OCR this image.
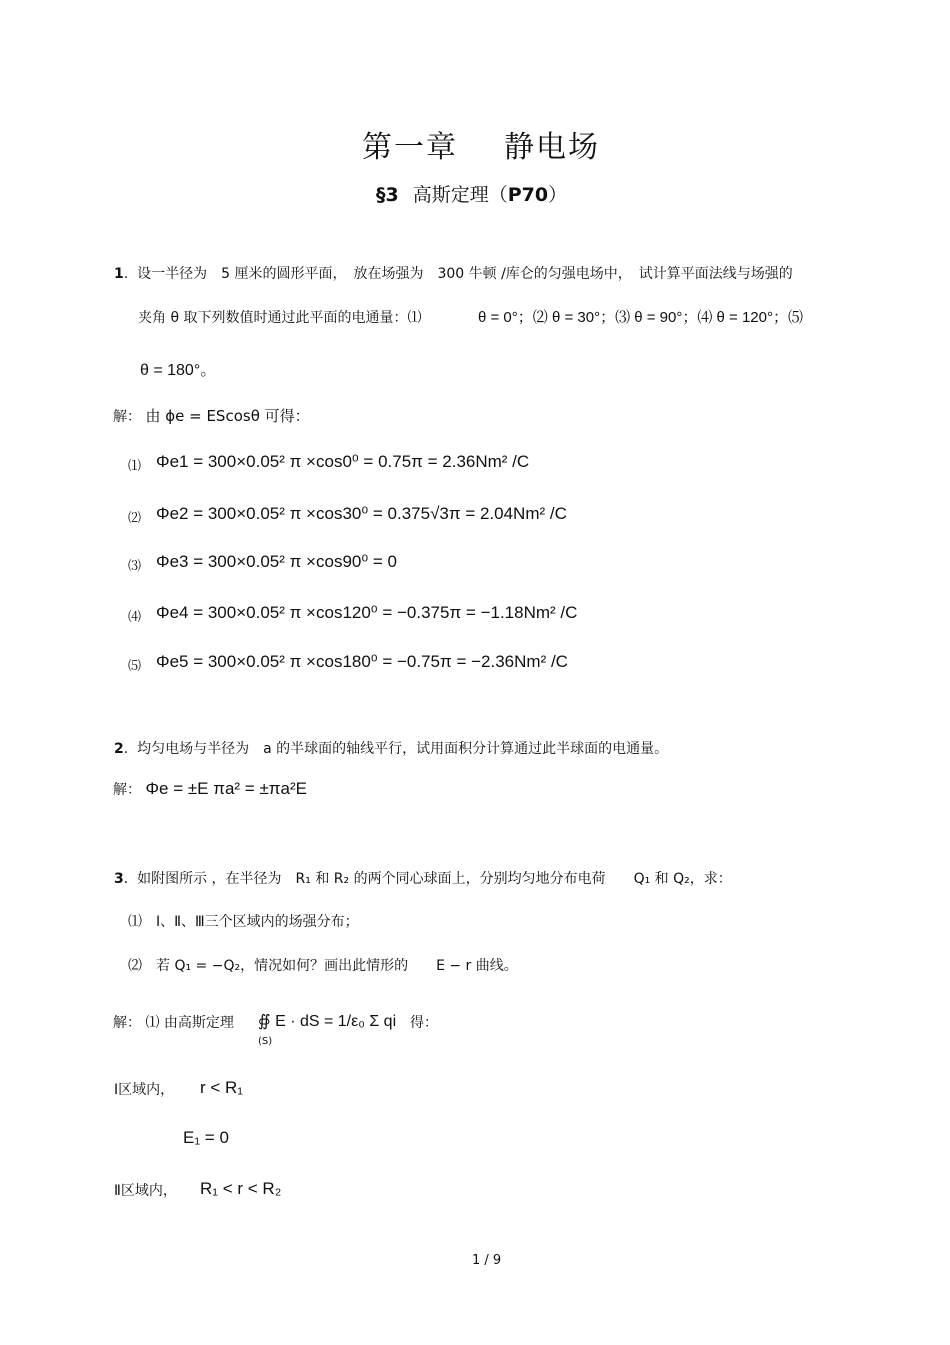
第一章 静电场
§3 高斯定理（P70）
1.  设一半径为　5 厘米的圆形平面，　放在场强为　300 牛顿 /库仑的匀强电场中，　试计算平面法线与场强的
夹角 θ 取下列数值时通过此平面的电通量：⑴	θ = 0°；⑵ θ = 30°；⑶ θ = 90°；⑷ θ = 120°；⑸
θ = 180°。
解： 由 ϕe = EScosθ 可得：
⑴ Φe1 = 300×0.05² π ×cos0⁰ = 0.75π = 2.36Nm² /C
⑵ Φe2 = 300×0.05² π ×cos30⁰ = 0.375√3π = 2.04Nm² /C
⑶ Φe3 = 300×0.05² π ×cos90⁰ = 0
⑷ Φe4 = 300×0.05² π ×cos120⁰ = −0.375π = −1.18Nm² /C
⑸ Φe5 = 300×0.05² π ×cos180⁰ = −0.75π = −2.36Nm² /C
2.  均匀电场与半径为　a 的半球面的轴线平行，试用面积分计算通过此半球面的电通量。
解： Φe = ±E πa² = ±πa²E
3.  如附图所示 ，在半径为　R₁ 和 R₂ 的两个同心球面上，分别均匀地分布电荷　　Q₁ 和 Q₂，求：
⑴　Ⅰ、Ⅱ、Ⅲ三个区域内的场强分布；
⑵　若 Q₁ = −Q₂，情况如何？画出此情形的　　E − r 曲线。
解： ⑴ 由高斯定理 ∯ E · dS = 1/ε₀ Σ qi 得：
(S)
Ⅰ区域内， r < R₁
E₁ = 0
Ⅱ区域内， R₁ < r < R₂
1 / 9
